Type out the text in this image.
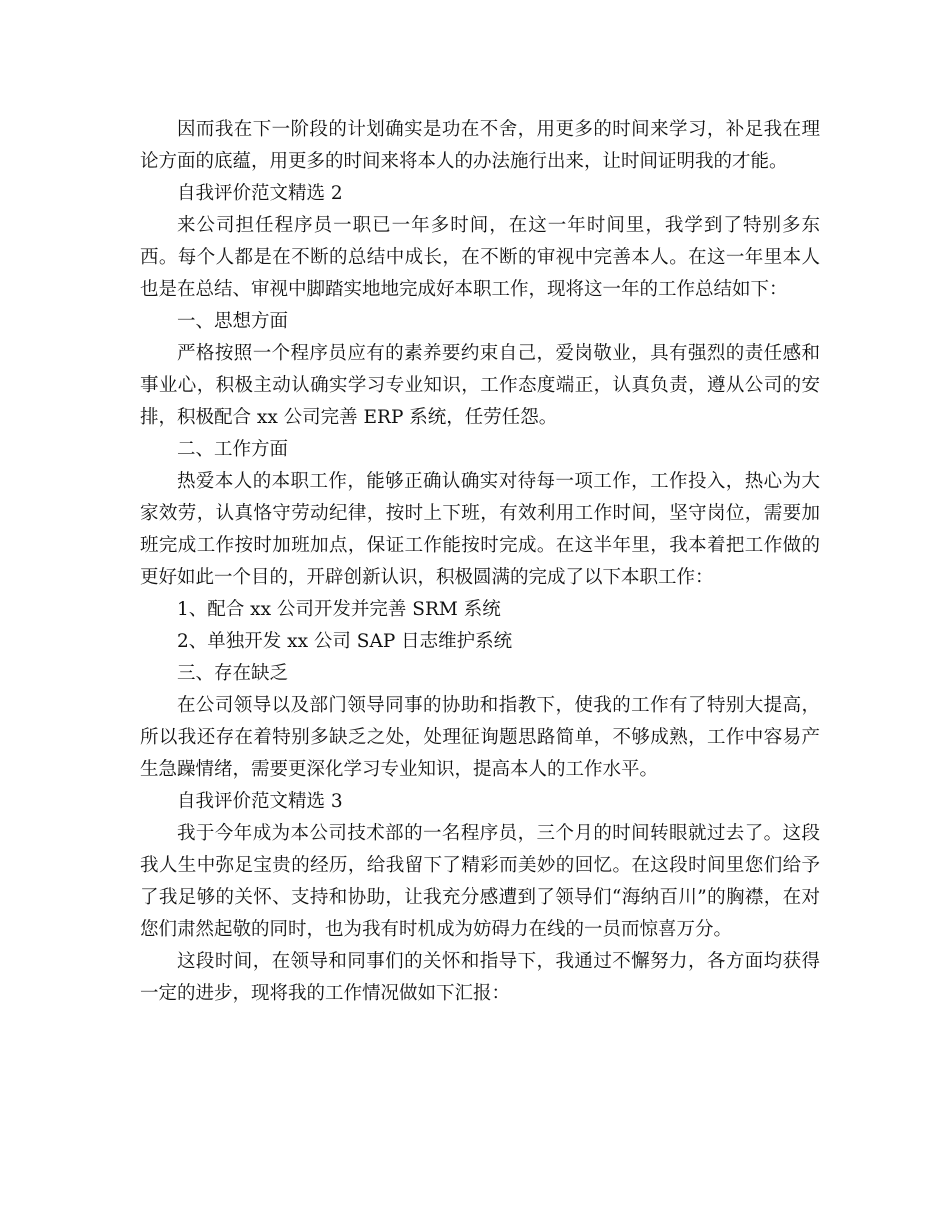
因而我在下一阶段的计划确实是功在不舍，用更多的时间来学习，补足我在理论方面的底蕴，用更多的时间来将本人的办法施行出来，让时间证明我的才能。

自我评价范文精选 2

来公司担任程序员一职已一年多时间，在这一年时间里，我学到了特别多东西。每个人都是在不断的总结中成长，在不断的审视中完善本人。在这一年里本人也是在总结、审视中脚踏实地地完成好本职工作，现将这一年的工作总结如下：

一、思想方面

严格按照一个程序员应有的素养要约束自己，爱岗敬业，具有强烈的责任感和事业心，积极主动认确实学习专业知识，工作态度端正，认真负责，遵从公司的安排，积极配合 xx 公司完善 ERP 系统，任劳任怨。

二、工作方面

热爱本人的本职工作，能够正确认确实对待每一项工作，工作投入，热心为大家效劳，认真恪守劳动纪律，按时上下班，有效利用工作时间，坚守岗位，需要加班完成工作按时加班加点，保证工作能按时完成。在这半年里，我本着把工作做的更好如此一个目的，开辟创新认识，积极圆满的完成了以下本职工作：

1、配合 xx 公司开发并完善 SRM 系统

2、单独开发 xx 公司 SAP 日志维护系统

三、存在缺乏

在公司领导以及部门领导同事的协助和指教下，使我的工作有了特别大提高，所以我还存在着特别多缺乏之处，处理征询题思路简单，不够成熟，工作中容易产生急躁情绪，需要更深化学习专业知识，提高本人的工作水平。

自我评价范文精选 3

我于今年成为本公司技术部的一名程序员，三个月的时间转眼就过去了。这段我人生中弥足宝贵的经历，给我留下了精彩而美妙的回忆。在这段时间里您们给予了我足够的关怀、支持和协助，让我充分感遭到了领导们“海纳百川”的胸襟，在对您们肃然起敬的同时，也为我有时机成为妨碍力在线的一员而惊喜万分。

这段时间，在领导和同事们的关怀和指导下，我通过不懈努力，各方面均获得一定的进步，现将我的工作情况做如下汇报：
